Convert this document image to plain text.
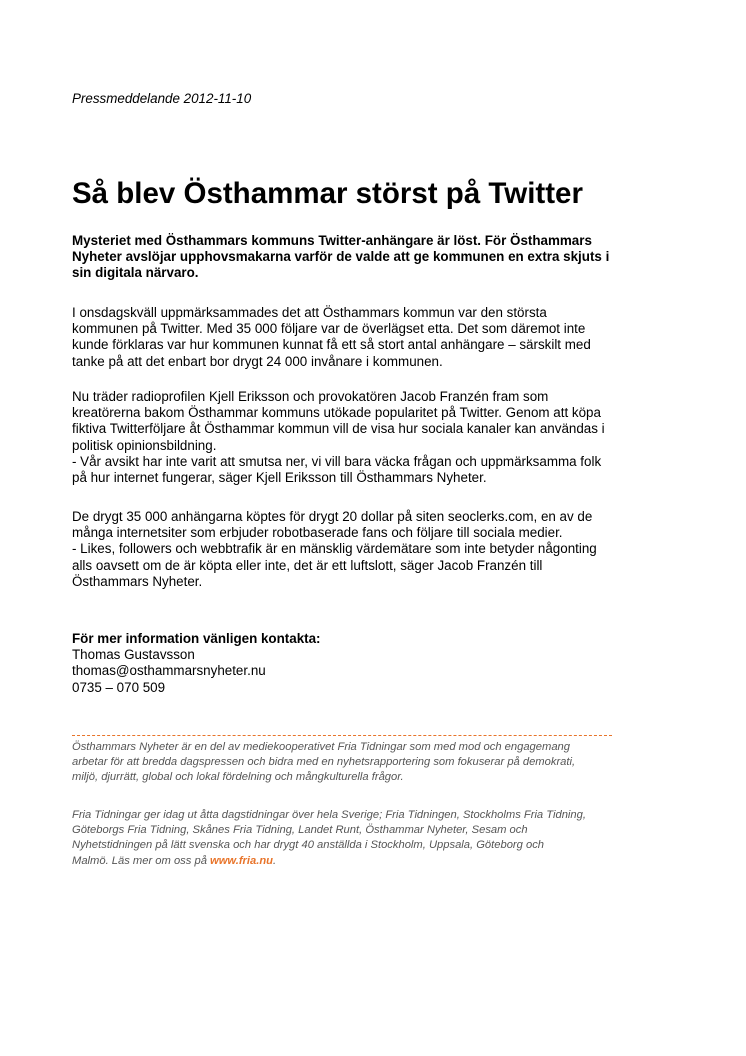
Pressmeddelande 2012-11-10
Så blev Östhammar störst på Twitter

Mysteriet med Östhammars kommuns Twitter-anhängare är löst. För Östhammars
Nyheter avslöjar upphovsmakarna varför de valde att ge kommunen en extra skjuts i
sin digitala närvaro.

I onsdagskväll uppmärksammades det att Östhammars kommun var den största
kommunen på Twitter. Med 35 000 följare var de överlägset etta. Det som däremot inte
kunde förklaras var hur kommunen kunnat få ett så stort antal anhängare – särskilt med
tanke på att det enbart bor drygt 24 000 invånare i kommunen.

Nu träder radioprofilen Kjell Eriksson och provokatören Jacob Franzén fram som
kreatörerna bakom Östhammar kommuns utökade popularitet på Twitter. Genom att köpa
fiktiva Twitterföljare åt Östhammar kommun vill de visa hur sociala kanaler kan användas i
politisk opinionsbildning.
- Vår avsikt har inte varit att smutsa ner, vi vill bara väcka frågan och uppmärksamma folk
på hur internet fungerar, säger Kjell Eriksson till Östhammars Nyheter.

De drygt 35 000 anhängarna köptes för drygt 20 dollar på siten seoclerks.com, en av de
många internetsiter som erbjuder robotbaserade fans och följare till sociala medier.
- Likes, followers och webbtrafik är en mänsklig värdemätare som inte betyder någonting
alls oavsett om de är köpta eller inte, det är ett luftslott, säger Jacob Franzén till
Östhammars Nyheter.

För mer information vänligen kontakta:
Thomas Gustavsson
thomas@osthammarsnyheter.nu
0735 – 070 509

Östhammars Nyheter är en del av mediekooperativet Fria Tidningar som med mod och engagemang
arbetar för att bredda dagspressen och bidra med en nyhetsrapportering som fokuserar på demokrati,
miljö, djurrätt, global och lokal fördelning och mångkulturella frågor.

Fria Tidningar ger idag ut åtta dagstidningar över hela Sverige; Fria Tidningen, Stockholms Fria Tidning,
Göteborgs Fria Tidning, Skånes Fria Tidning, Landet Runt, Östhammar Nyheter, Sesam och
Nyhetstidningen på lätt svenska och har drygt 40 anställda i Stockholm, Uppsala, Göteborg och
Malmö. Läs mer om oss på www.fria.nu.
